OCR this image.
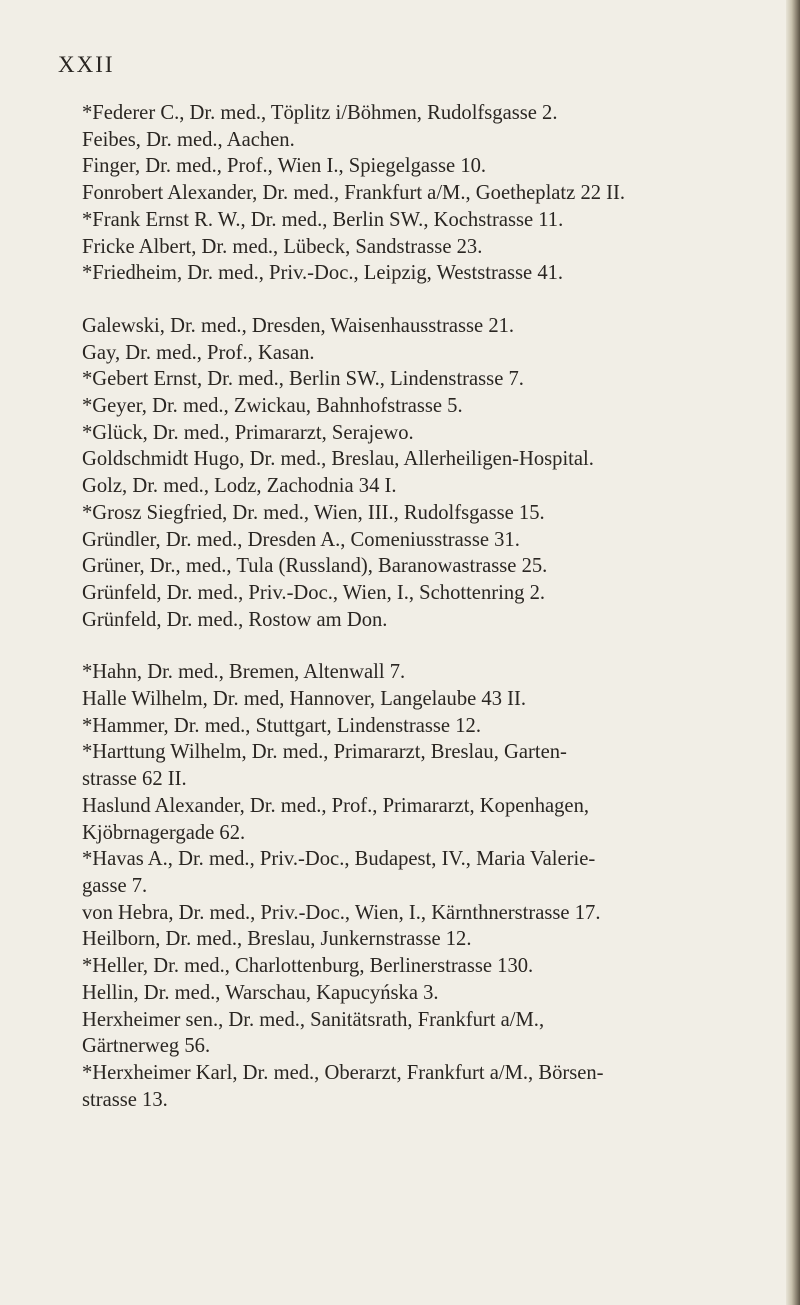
XXII
*Federer C., Dr. med., Töplitz i/Böhmen, Rudolfsgasse 2.
Feibes, Dr. med., Aachen.
Finger, Dr. med., Prof., Wien I., Spiegelgasse 10.
Fonrobert Alexander, Dr. med., Frankfurt a/M., Goetheplatz 22 II.
*Frank Ernst R. W., Dr. med., Berlin SW., Kochstrasse 11.
Fricke Albert, Dr. med., Lübeck, Sandstrasse 23.
*Friedheim, Dr. med., Priv.-Doc., Leipzig, Weststrasse 41.
Galewski, Dr. med., Dresden, Waisenhausstrasse 21.
Gay, Dr. med., Prof., Kasan.
*Gebert Ernst, Dr. med., Berlin SW., Lindenstrasse 7.
*Geyer, Dr. med., Zwickau, Bahnhofstrasse 5.
*Glück, Dr. med., Primararzt, Serajewo.
Goldschmidt Hugo, Dr. med., Breslau, Allerheiligen-Hospital.
Golz, Dr. med., Lodz, Zachodnia 34 I.
*Grosz Siegfried, Dr. med., Wien, III., Rudolfsgasse 15.
Gründler, Dr. med., Dresden A., Comeniusstrasse 31.
Grüner, Dr., med., Tula (Russland), Baranowastrasse 25.
Grünfeld, Dr. med., Priv.-Doc., Wien, I., Schottenring 2.
Grünfeld, Dr. med., Rostow am Don.
*Hahn, Dr. med., Bremen, Altenwall 7.
Halle Wilhelm, Dr. med, Hannover, Langelaube 43 II.
*Hammer, Dr. med., Stuttgart, Lindenstrasse 12.
*Harttung Wilhelm, Dr. med., Primararzt, Breslau, Garten-
strasse 62 II.
Haslund Alexander, Dr. med., Prof., Primararzt, Kopenhagen,
Kjöbrnagergade 62.
*Havas A., Dr. med., Priv.-Doc., Budapest, IV., Maria Valerie-
gasse 7.
von Hebra, Dr. med., Priv.-Doc., Wien, I., Kärnthnerstrasse 17.
Heilborn, Dr. med., Breslau, Junkernstrasse 12.
*Heller, Dr. med., Charlottenburg, Berlinerstrasse 130.
Hellin, Dr. med., Warschau, Kapucyńska 3.
Herxheimer sen., Dr. med., Sanitätsrath, Frankfurt a/M.,
Gärtnerweg 56.
*Herxheimer Karl, Dr. med., Oberarzt, Frankfurt a/M., Börsen-
strasse 13.
